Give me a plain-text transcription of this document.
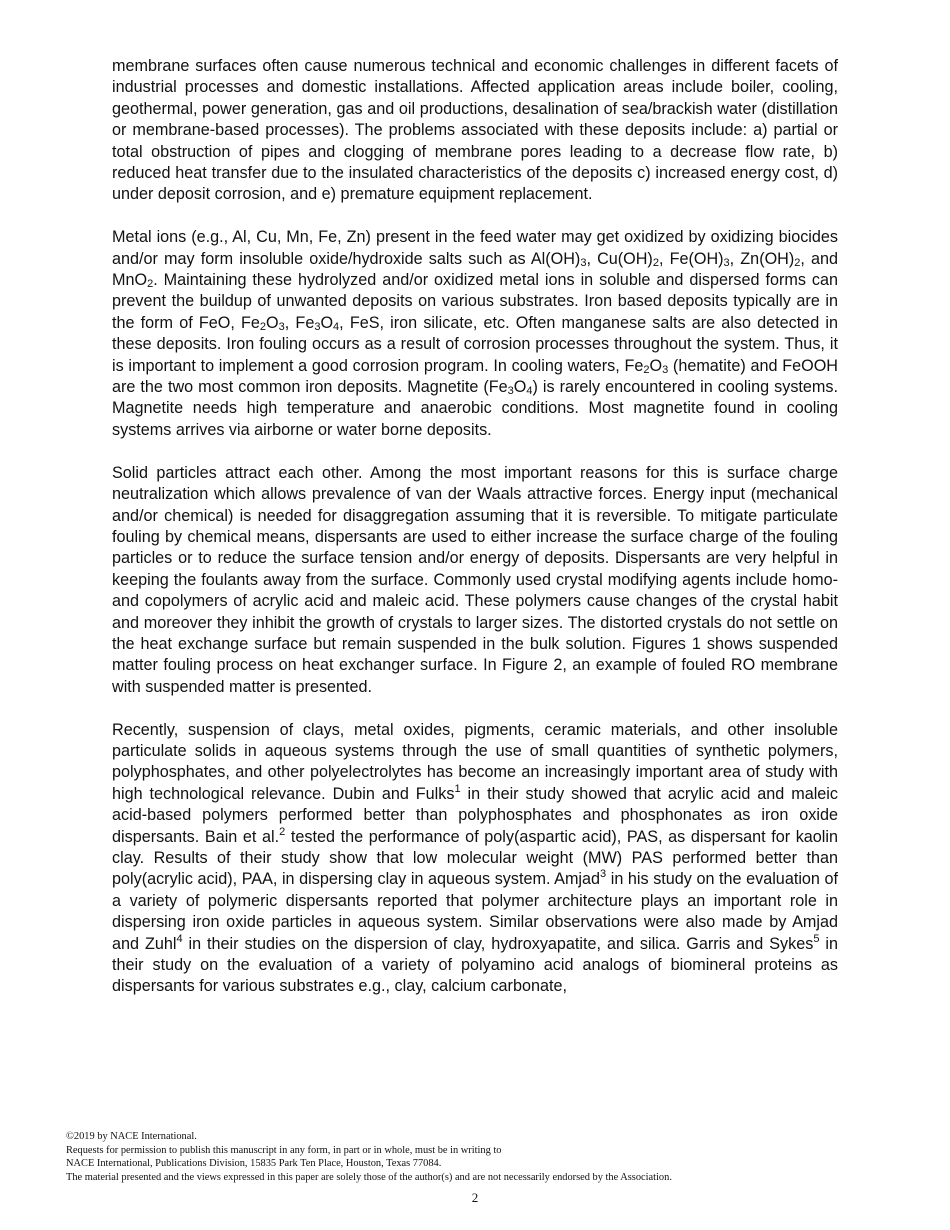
membrane surfaces often cause numerous technical and economic challenges in different facets of industrial processes and domestic installations. Affected application areas include boiler, cooling, geothermal, power generation, gas and oil productions, desalination of sea/brackish water (distillation or membrane-based processes). The problems associated with these deposits include: a) partial or total obstruction of pipes and clogging of membrane pores leading to a decrease flow rate, b) reduced heat transfer due to the insulated characteristics of the deposits c) increased energy cost, d) under deposit corrosion, and e) premature equipment replacement.

Metal ions (e.g., Al, Cu, Mn, Fe, Zn) present in the feed water may get oxidized by oxidizing biocides and/or may form insoluble oxide/hydroxide salts such as $Al(OH)_3$, $Cu(OH)_2$, $Fe(OH)_3$, $Zn(OH)_2$, and MnO$_2$. Maintaining these hydrolyzed and/or oxidized metal ions in soluble and dispersed forms can prevent the buildup of unwanted deposits on various substrates. Iron based deposits typically are in the form of FeO, $Fe_2O_3$, $Fe_3O_4$, FeS, iron silicate, etc. Often manganese salts are also detected in these deposits. Iron fouling occurs as a result of corrosion processes throughout the system. Thus, it is important to implement a good corrosion program. In cooling waters, $Fe_2O_3$ (hematite) and FeOOH are the two most common iron deposits. Magnetite $(Fe_3O_4)$ is rarely encountered in cooling systems. Magnetite needs high temperature and anaerobic conditions. Most magnetite found in cooling systems arrives via airborne or water borne deposits.

Solid particles attract each other. Among the most important reasons for this is surface charge neutralization which allows prevalence of van der Waals attractive forces. Energy input (mechanical and/or chemical) is needed for disaggregation assuming that it is reversible. To mitigate particulate fouling by chemical means, dispersants are used to either increase the surface charge of the fouling particles or to reduce the surface tension and/or energy of deposits. Dispersants are very helpful in keeping the foulants away from the surface. Commonly used crystal modifying agents include homo- and copolymers of acrylic acid and maleic acid. These polymers cause changes of the crystal habit and moreover they inhibit the growth of crystals to larger sizes. The distorted crystals do not settle on the heat exchange surface but remain suspended in the bulk solution. Figures 1 shows suspended matter fouling process on heat exchanger surface. In Figure 2, an example of fouled RO membrane with suspended matter is presented.

Recently, suspension of clays, metal oxides, pigments, ceramic materials, and other insoluble particulate solids in aqueous systems through the use of small quantities of synthetic polymers, polyphosphates, and other polyelectrolytes has become an increasingly important area of study with high technological relevance. Dubin and Fulks$^1$ in their study showed that acrylic acid and maleic acid-based polymers performed better than polyphosphates and phosphonates as iron oxide dispersants. Bain et al.$^2$ tested the performance of poly(aspartic acid), PAS, as dispersant for kaolin clay. Results of their study show that low molecular weight (MW) PAS performed better than poly(acrylic acid), PAA, in dispersing clay in aqueous system. Amjad$^3$ in his study on the evaluation of a variety of polymeric dispersants reported that polymer architecture plays an important role in dispersing iron oxide particles in aqueous system. Similar observations were also made by Amjad and Zuhl$^4$ in their studies on the dispersion of clay, hydroxyapatite, and silica. Garris and Sykes$^5$ in their study on the evaluation of a variety of polyamino acid analogs of biomineral proteins as dispersants for various substrates e.g., clay, calcium carbonate,

©2019 by NACE International.
Requests for permission to publish this manuscript in any form, in part or in whole, must be in writing to
NACE International, Publications Division, 15835 Park Ten Place, Houston, Texas 77084.
The material presented and the views expressed in this paper are solely those of the author(s) and are not necessarily endorsed by the Association.
2
